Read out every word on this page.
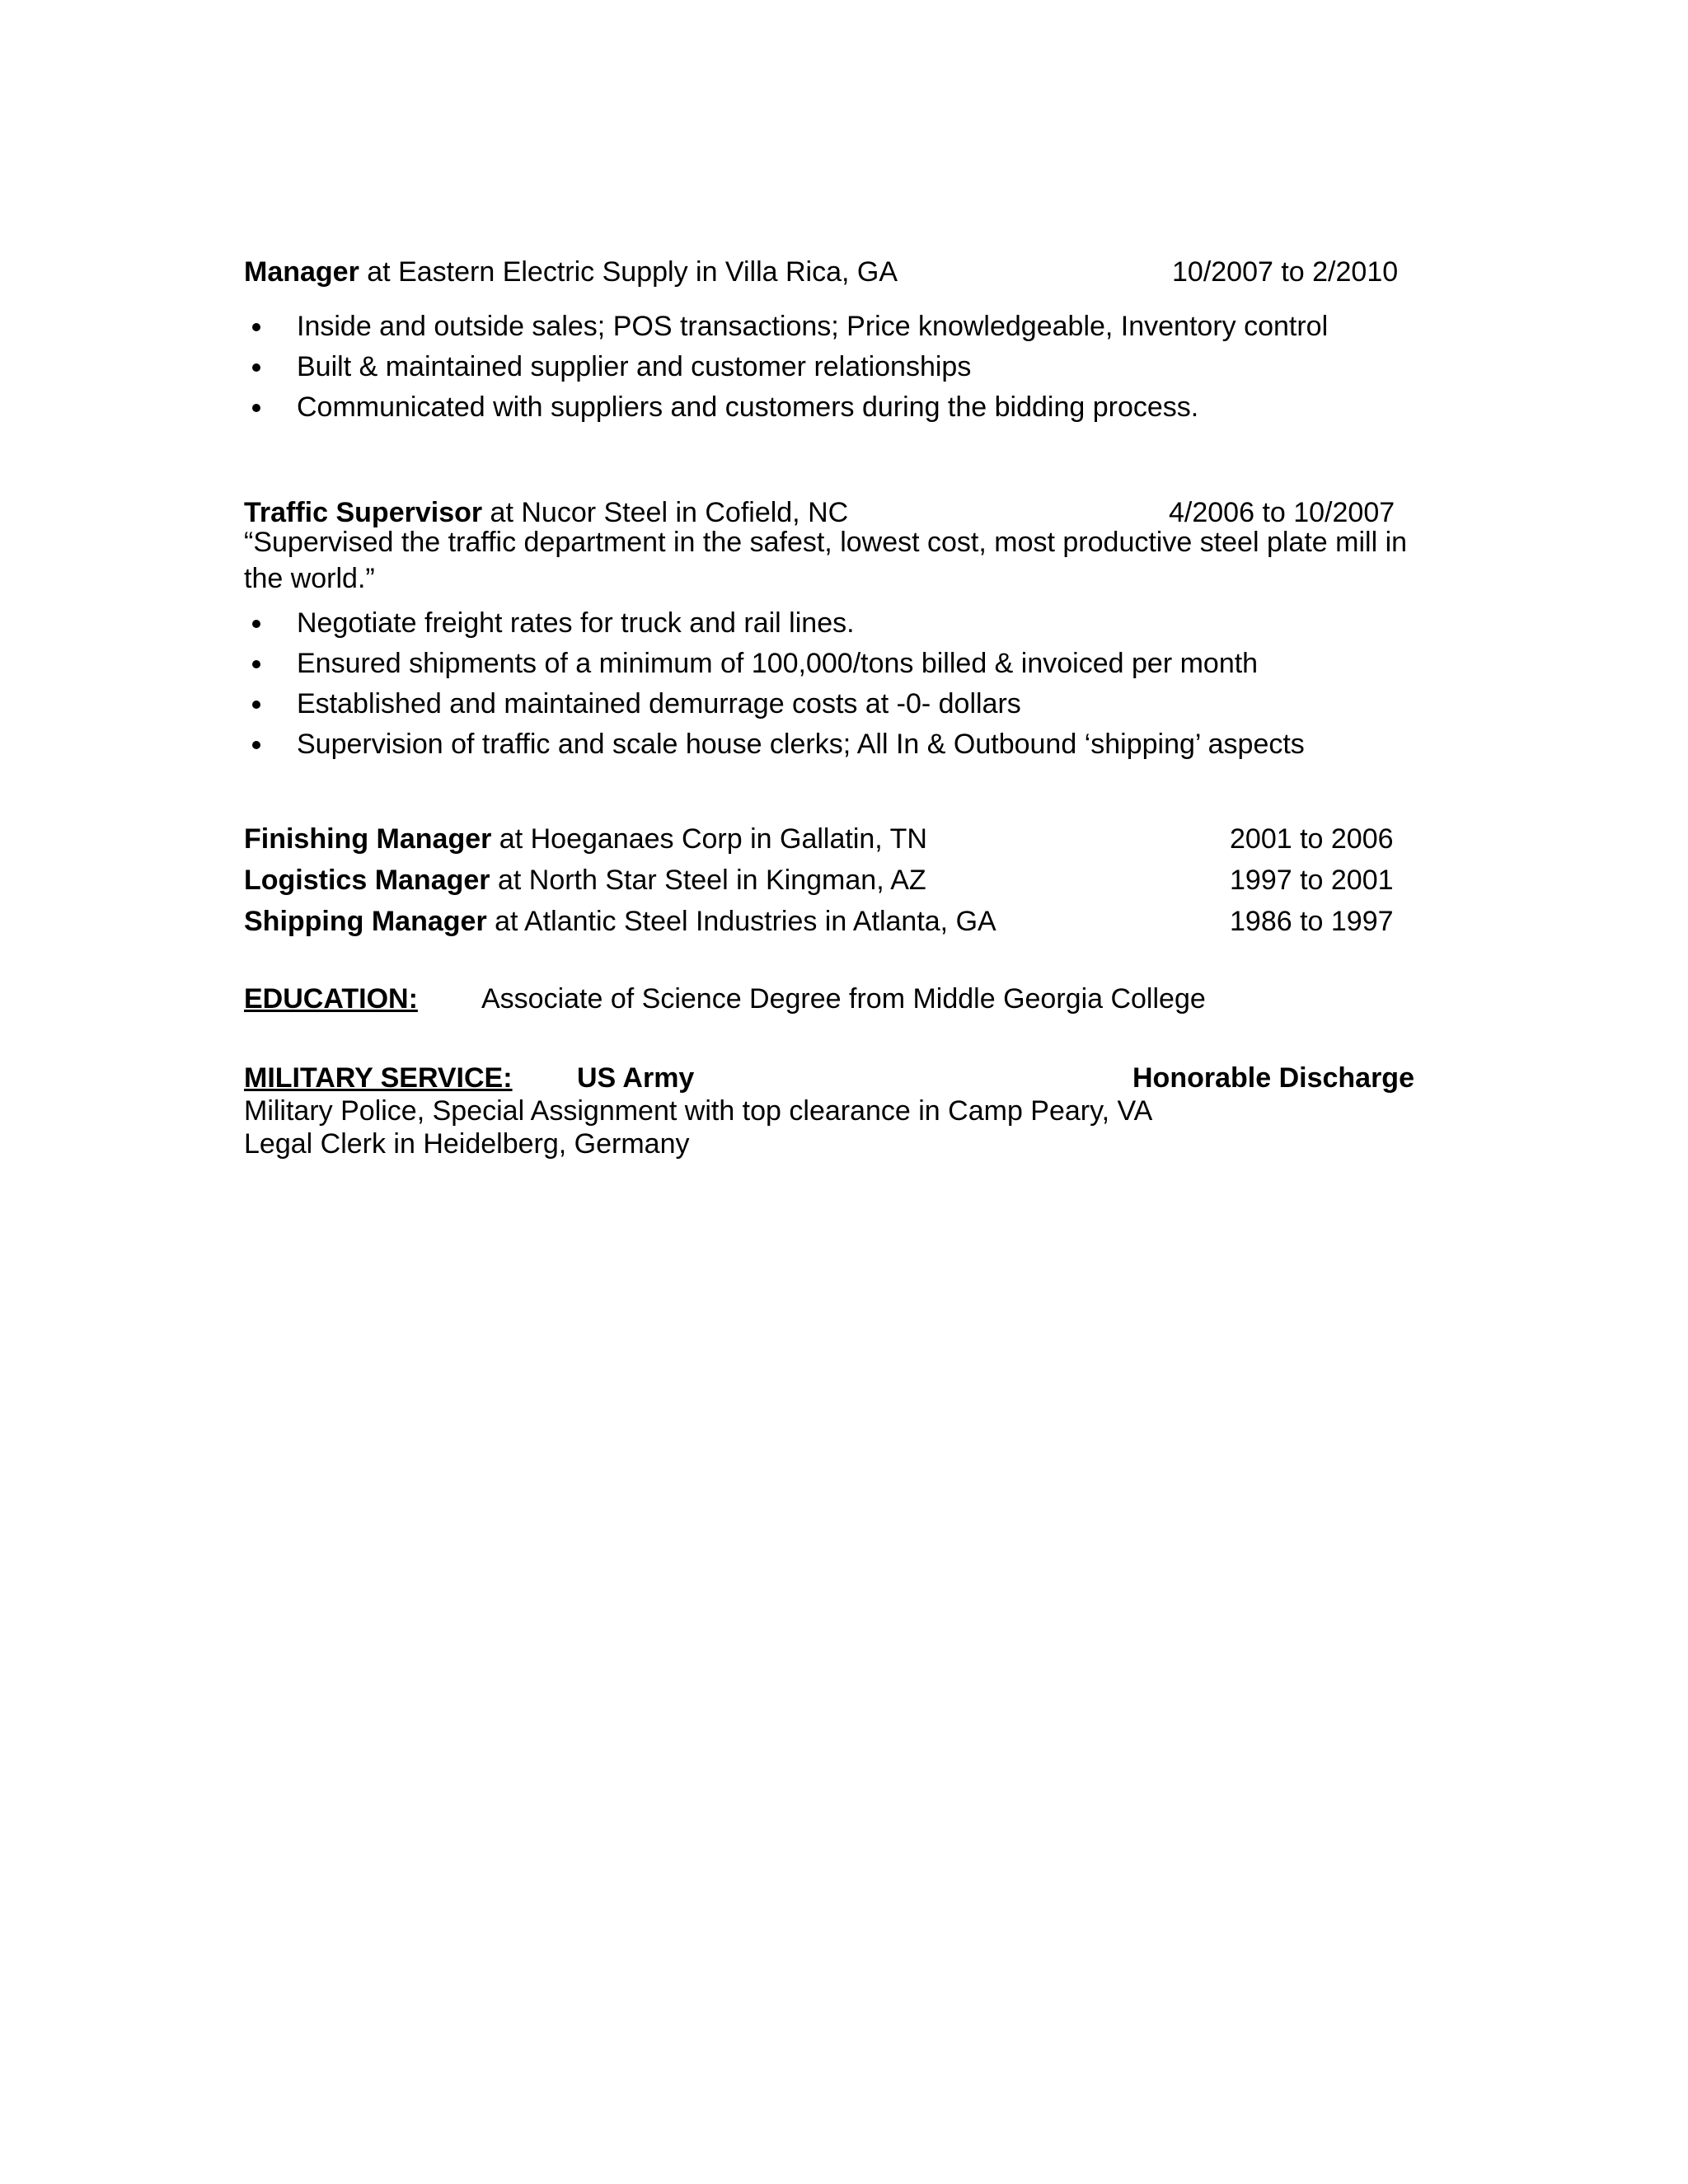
Manager at Eastern Electric Supply in Villa Rica, GA	10/2007 to 2/2010
Inside and outside sales; POS transactions; Price knowledgeable, Inventory control
Built & maintained supplier and customer relationships
Communicated with suppliers and customers during the bidding process.
Traffic Supervisor at Nucor Steel in Cofield, NC	4/2006 to 10/2007
“Supervised the traffic department in the safest, lowest cost, most productive steel plate mill in the world.”
Negotiate freight rates for truck and rail lines.
Ensured shipments of a minimum of 100,000/tons billed & invoiced per month
Established and maintained demurrage costs at -0- dollars
Supervision of traffic and scale house clerks; All In & Outbound ‘shipping’ aspects
Finishing Manager at Hoeganaes Corp in Gallatin, TN	2001 to 2006
Logistics Manager at North Star Steel in Kingman, AZ	1997 to 2001
Shipping Manager at Atlantic Steel Industries in Atlanta, GA	1986 to 1997
EDUCATION: Associate of Science Degree from Middle Georgia College
MILITARY SERVICE: US Army	Honorable Discharge
Military Police, Special Assignment with top clearance in Camp Peary, VA
Legal Clerk in Heidelberg, Germany
